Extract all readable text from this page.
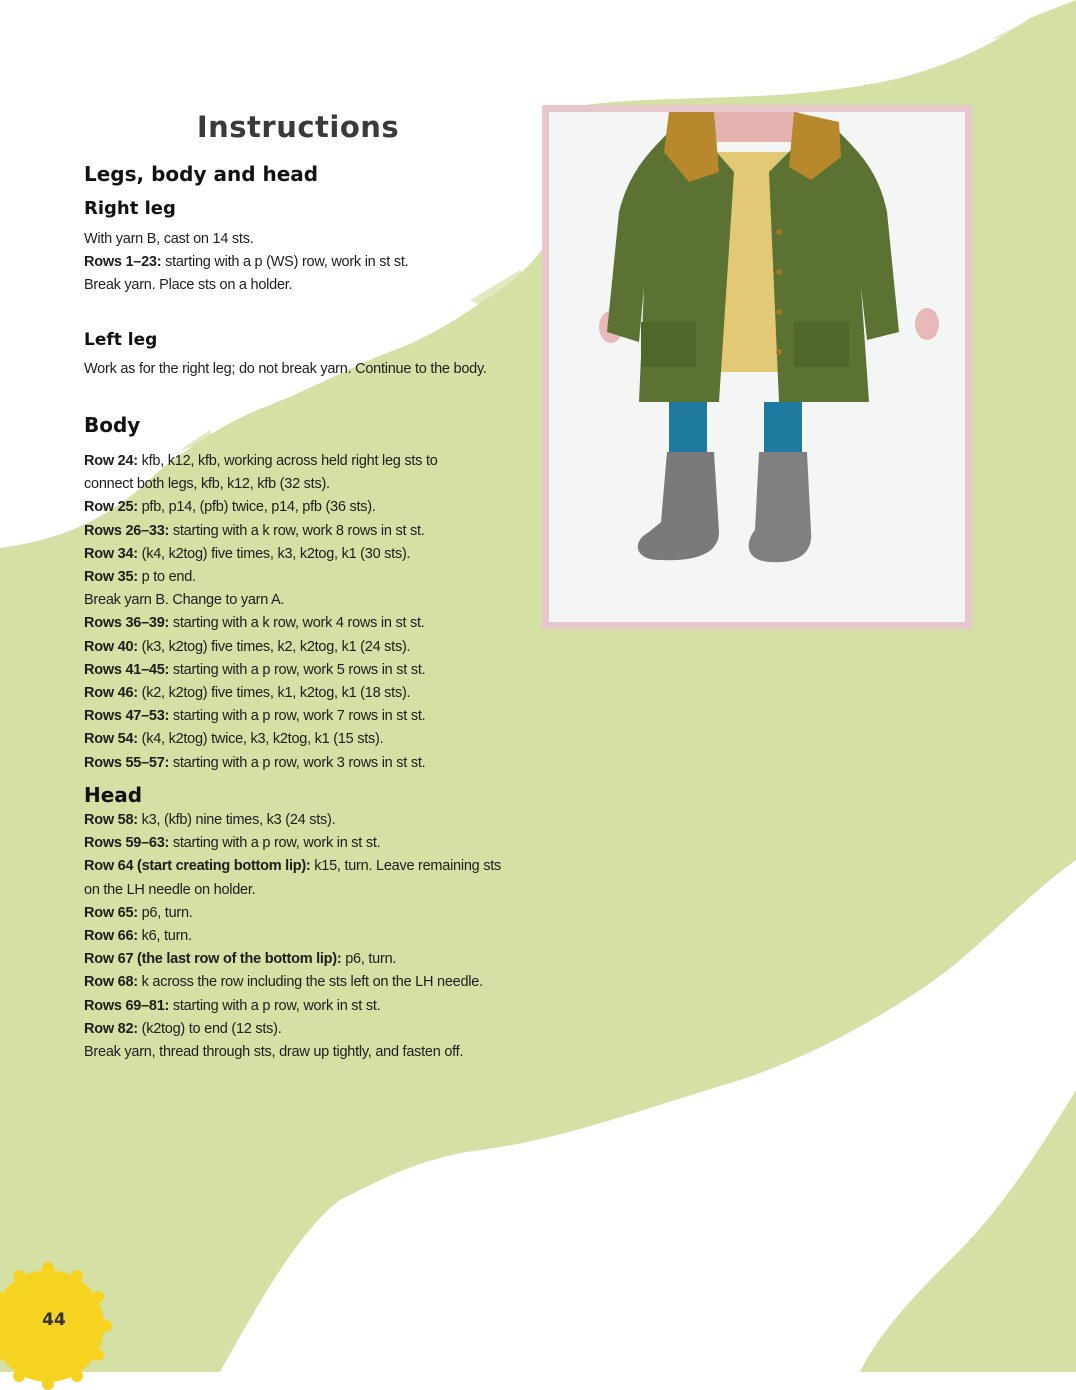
Instructions
Legs, body and head
Right leg
With yarn B, cast on 14 sts.
Rows 1–23: starting with a p (WS) row, work in st st.
Break yarn. Place sts on a holder.
Left leg
Work as for the right leg; do not break yarn. Continue to the body.
Body
Row 24: kfb, k12, kfb, working across held right leg sts to connect both legs, kfb, k12, kfb (32 sts).
Row 25: pfb, p14, (pfb) twice, p14, pfb (36 sts).
Rows 26–33: starting with a k row, work 8 rows in st st.
Row 34: (k4, k2tog) five times, k3, k2tog, k1 (30 sts).
Row 35: p to end.
Break yarn B. Change to yarn A.
Rows 36–39: starting with a k row, work 4 rows in st st.
Row 40: (k3, k2tog) five times, k2, k2tog, k1 (24 sts).
Rows 41–45: starting with a p row, work 5 rows in st st.
Row 46: (k2, k2tog) five times, k1, k2tog, k1 (18 sts).
Rows 47–53: starting with a p row, work 7 rows in st st.
Row 54: (k4, k2tog) twice, k3, k2tog, k1 (15 sts).
Rows 55–57: starting with a p row, work 3 rows in st st.
Head
Row 58: k3, (kfb) nine times, k3 (24 sts).
Rows 59–63: starting with a p row, work in st st.
Row 64 (start creating bottom lip): k15, turn. Leave remaining sts on the LH needle on holder.
Row 65: p6, turn.
Row 66: k6, turn.
Row 67 (the last row of the bottom lip): p6, turn.
Row 68: k across the row including the sts left on the LH needle.
Rows 69–81: starting with a p row, work in st st.
Row 82: (k2tog) to end (12 sts).
Break yarn, thread through sts, draw up tightly, and fasten off.
44
